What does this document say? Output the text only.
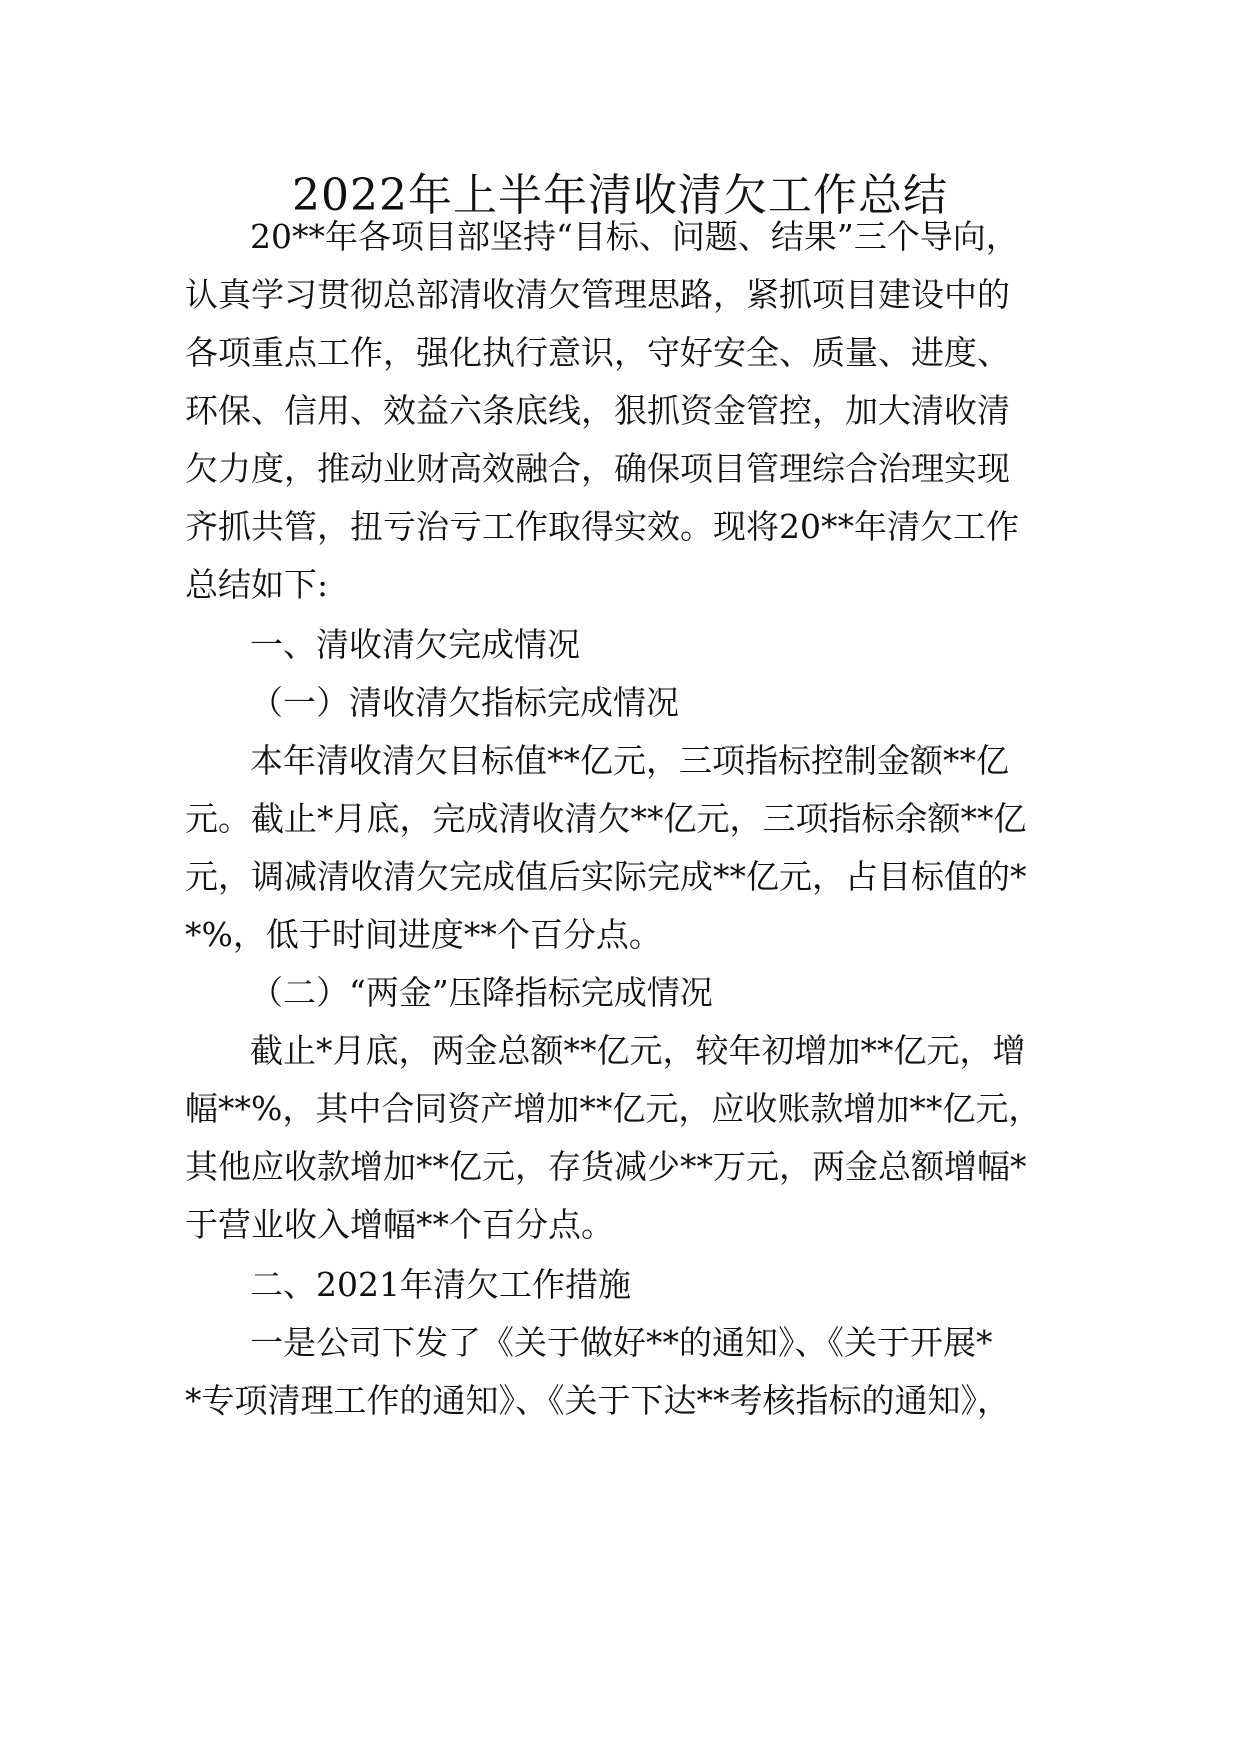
2022年上半年清收清欠工作总结

20**年各项目部坚持“目标、问题、结果”三个导向，

认真学习贯彻总部清收清欠管理思路，紧抓项目建设中的

各项重点工作，强化执行意识，守好安全、质量、进度、

环保、信用、效益六条底线，狠抓资金管控，加大清收清

欠力度，推动业财高效融合，确保项目管理综合治理实现

齐抓共管，扭亏治亏工作取得实效。现将20**年清欠工作

总结如下:

一、清收清欠完成情况

（一）清收清欠指标完成情况

本年清收清欠目标值**亿元，三项指标控制金额**亿

元。截止*月底，完成清收清欠**亿元，三项指标余额**亿

元，调减清收清欠完成值后实际完成**亿元，占目标值的*

*%，低于时间进度**个百分点。

（二）“两金”压降指标完成情况

截止*月底，两金总额**亿元，较年初增加**亿元，增

幅**%，其中合同资产增加**亿元，应收账款增加**亿元，

其他应收款增加**亿元，存货减少**万元，两金总额增幅*

于营业收入增幅**个百分点。

二、2021年清欠工作措施

一是公司下发了《关于做好**的通知》、《关于开展*

*专项清理工作的通知》、《关于下达**考核指标的通知》，
